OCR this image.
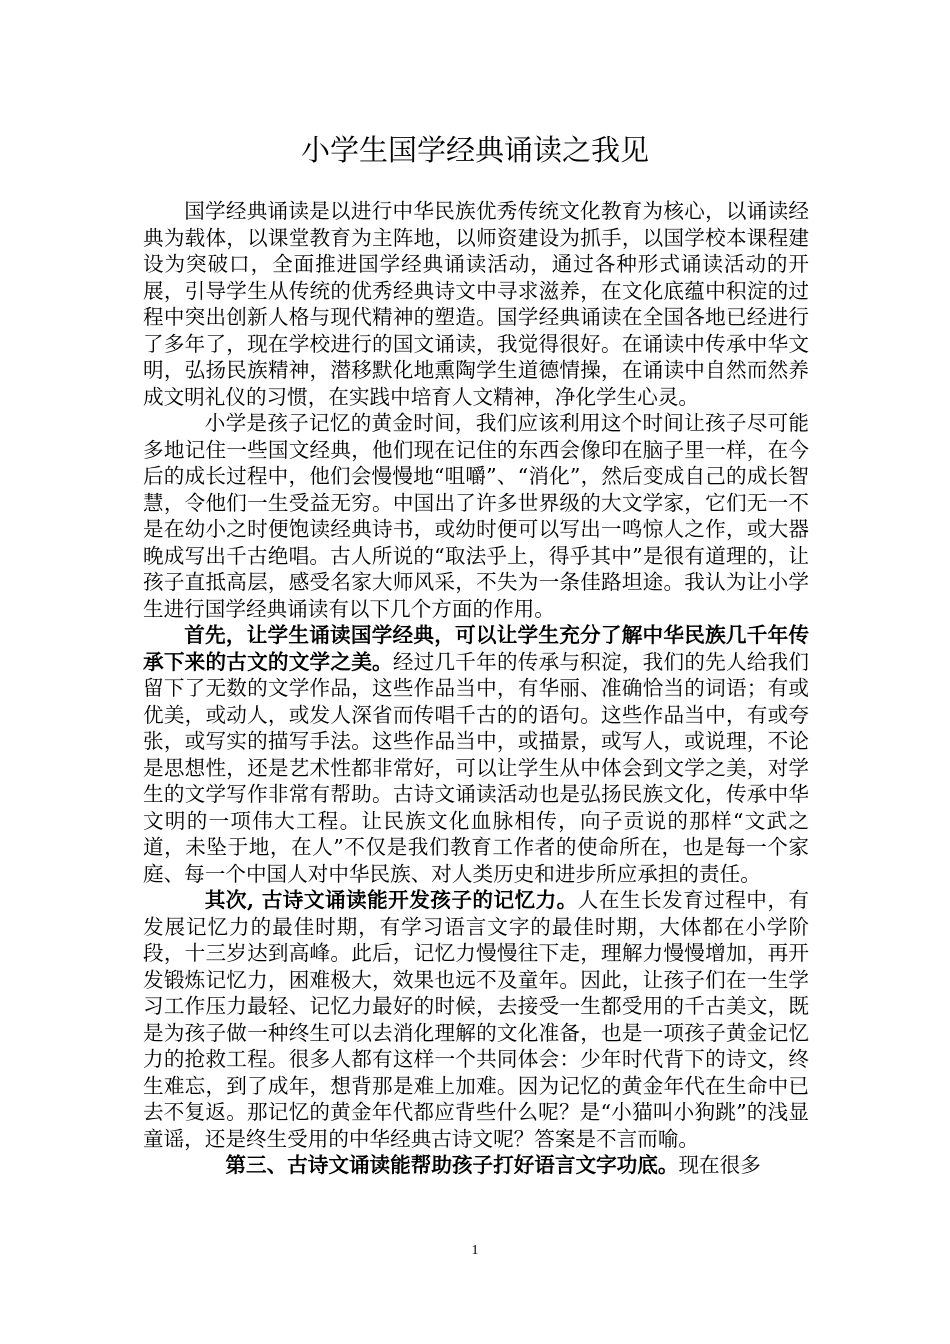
小学生国学经典诵读之我见

国学经典诵读是以进行中华民族优秀传统文化教育为核心，以诵读经典为载体，以课堂教育为主阵地，以师资建设为抓手，以国学校本课程建设为突破口，全面推进国学经典诵读活动，通过各种形式诵读活动的开展，引导学生从传统的优秀经典诗文中寻求滋养，在文化底蕴中积淀的过程中突出创新人格与现代精神的塑造。国学经典诵读在全国各地已经进行了多年了，现在学校进行的国文诵读，我觉得很好。在诵读中传承中华文明，弘扬民族精神，潜移默化地熏陶学生道德情操，在诵读中自然而然养成文明礼仪的习惯，在实践中培育人文精神，净化学生心灵。

小学是孩子记忆的黄金时间，我们应该利用这个时间让孩子尽可能多地记住一些国文经典，他们现在记住的东西会像印在脑子里一样，在今后的成长过程中，他们会慢慢地“咀嚼”、“消化”，然后变成自己的成长智慧，令他们一生受益无穷。中国出了许多世界级的大文学家，它们无一不是在幼小之时便饱读经典诗书，或幼时便可以写出一鸣惊人之作，或大器晚成写出千古绝唱。古人所说的“取法乎上，得乎其中”是很有道理的，让孩子直抵高层，感受名家大师风采，不失为一条佳路坦途。我认为让小学生进行国学经典诵读有以下几个方面的作用。

首先，让学生诵读国学经典，可以让学生充分了解中华民族几千年传承下来的古文的文学之美。经过几千年的传承与积淀，我们的先人给我们留下了无数的文学作品，这些作品当中，有华丽、准确恰当的词语；有或优美，或动人，或发人深省而传唱千古的的语句。这些作品当中，有或夸张，或写实的描写手法。这些作品当中，或描景，或写人，或说理，不论是思想性，还是艺术性都非常好，可以让学生从中体会到文学之美，对学生的文学写作非常有帮助。古诗文诵读活动也是弘扬民族文化，传承中华文明的一项伟大工程。让民族文化血脉相传，向子贡说的那样“文武之道，未坠于地，在人”不仅是我们教育工作者的使命所在，也是每一个家庭、每一个中国人对中华民族、对人类历史和进步所应承担的责任。

其次, 古诗文诵读能开发孩子的记忆力。人在生长发育过程中，有发展记忆力的最佳时期，有学习语言文字的最佳时期，大体都在小学阶段，十三岁达到高峰。此后，记忆力慢慢往下走，理解力慢慢增加，再开发锻炼记忆力，困难极大，效果也远不及童年。因此，让孩子们在一生学习工作压力最轻、记忆力最好的时候，去接受一生都受用的千古美文，既是为孩子做一种终生可以去消化理解的文化准备，也是一项孩子黄金记忆力的抢救工程。很多人都有这样一个共同体会：少年时代背下的诗文，终生难忘，到了成年，想背那是难上加难。因为记忆的黄金年代在生命中已去不复返。那记忆的黄金年代都应背些什么呢？是“小猫叫小狗跳”的浅显童谣，还是终生受用的中华经典古诗文呢？答案是不言而喻。

第三、古诗文诵读能帮助孩子打好语言文字功底。现在很多

1
